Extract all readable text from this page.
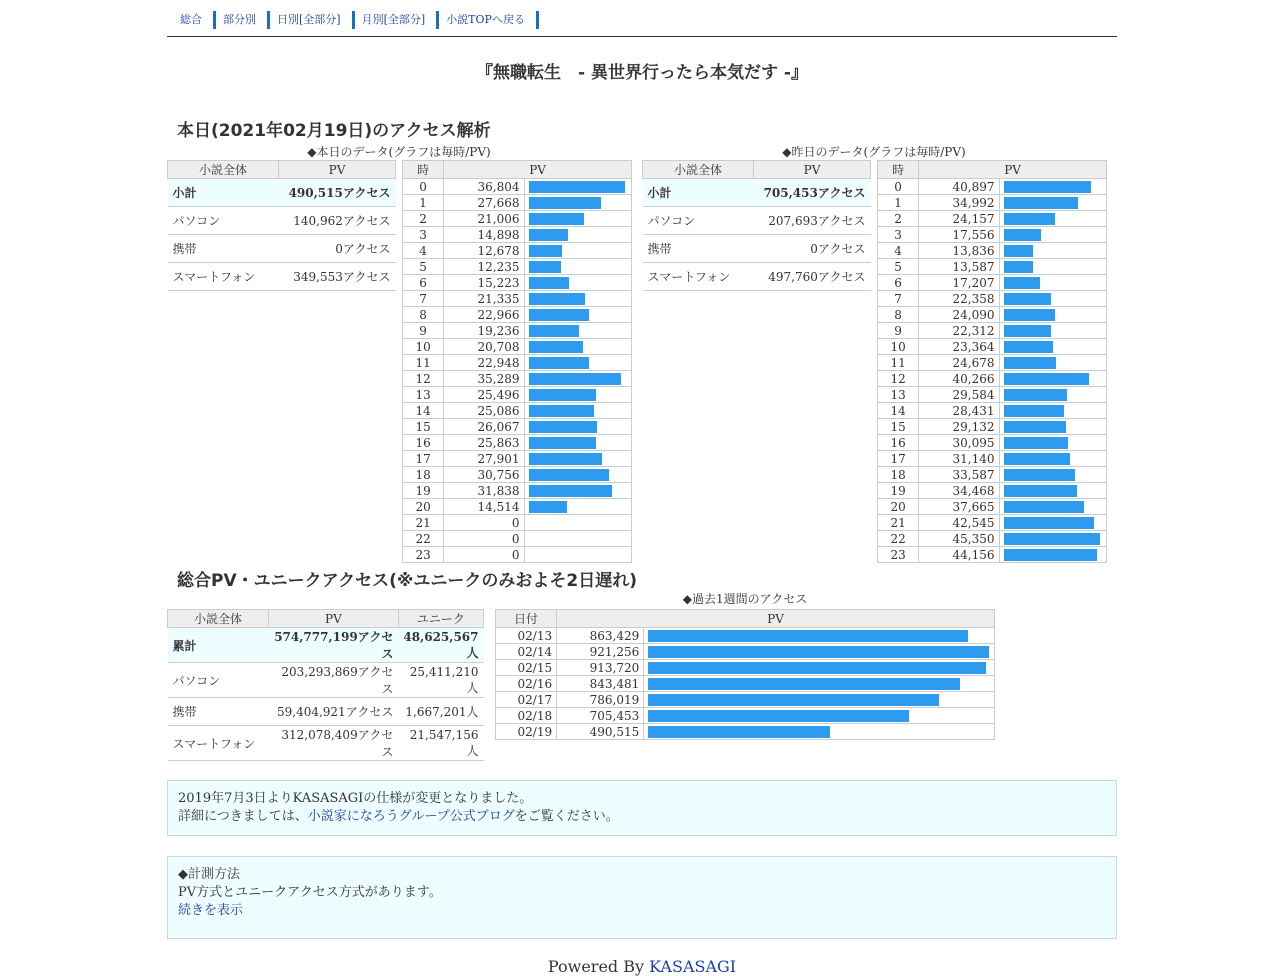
総合	部分別	日別[全部分]	月別[全部分]	小説TOPへ戻る
『無職転生　- 異世界行ったら本気だす -』
本日(2021年02月19日)のアクセス解析
◆本日のデータ(グラフは毎時/PV)	◆昨日のデータ(グラフは毎時/PV)
小説全体	PV
小計	490,515アクセス
パソコン	140,962アクセス
携帯	0アクセス
スマートフォン	349,553アクセス
時	PV	
0	36,804	

1	27,668	

2	21,006	

3	14,898	

4	12,678	

5	12,235	

6	15,223	

7	21,335	

8	22,966	

9	19,236	

10	20,708	

11	22,948	

12	35,289	

13	25,496	

14	25,086	

15	26,067	

16	25,863	

17	27,901	

18	30,756	

19	31,838	

20	14,514	

21	0	

22	0	

23	0	
小説全体	PV
小計	705,453アクセス
パソコン	207,693アクセス
携帯	0アクセス
スマートフォン	497,760アクセス
時	PV	
0	40,897	

1	34,992	

2	24,157	

3	17,556	

4	13,836	

5	13,587	

6	17,207	

7	22,358	

8	24,090	

9	22,312	

10	23,364	

11	24,678	

12	40,266	

13	29,584	

14	28,431	

15	29,132	

16	30,095	

17	31,140	

18	33,587	

19	34,468	

20	37,665	

21	42,545	

22	45,350	

23	44,156	
総合PV・ユニークアクセス(※ユニークのみおよそ2日遅れ)
◆過去1週間のアクセス
小説全体	PV	ユニーク
累計	574,777,199アクセス	48,625,567人
パソコン	203,293,869アクセス	25,411,210人
携帯	59,404,921アクセス	1,667,201人
スマートフォン	312,078,409アクセス	21,547,156人
日付	PV	
02/13	863,429	

02/14	921,256	

02/15	913,720	

02/16	843,481	

02/17	786,019	

02/18	705,453	

02/19	490,515	
2019年7月3日よりKASASAGIの仕様が変更となりました。
詳細につきましては、小説家になろうグループ公式ブログをご覧ください。
◆計測方法
PV方式とユニークアクセス方式があります。
続きを表示
Powered By KASASAGI
